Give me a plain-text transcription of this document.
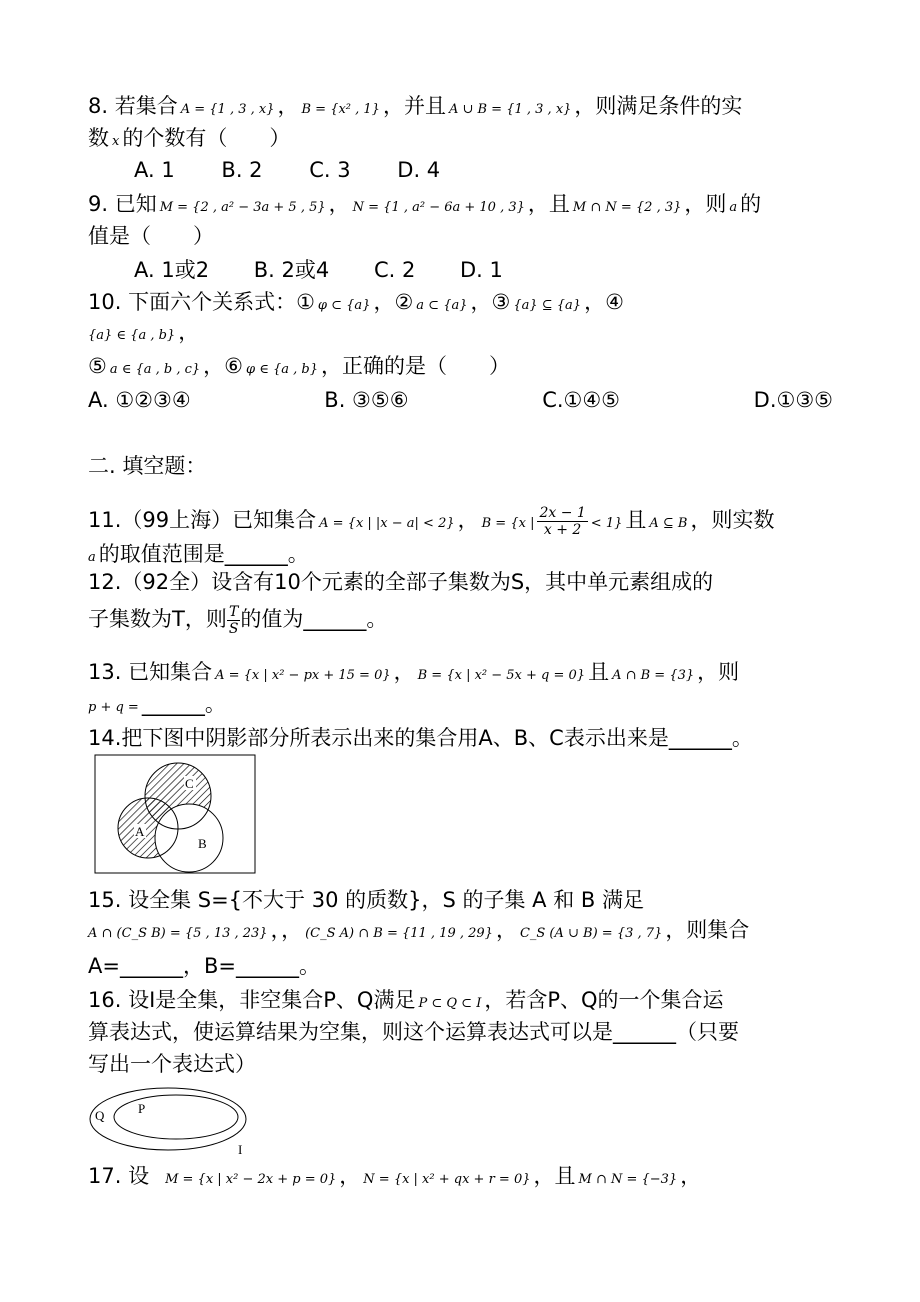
8. 若集合 A = {1 , 3 , x} ， B = {x² , 1} ，并且 A ∪ B = {1 , 3 , x} ，则满足条件的实
数x 的个数有（　　）
A. 1 B. 2 C. 3 D. 4
9. 已知 M = {2 , a² − 3a + 5 , 5} ， N = {1 , a² − 6a + 10 , 3} ，且 M ∩ N = {2 , 3} ，则 a 的
值是（　　）
A. 1或2 B. 2或4 C. 2 D. 1
10. 下面六个关系式：① φ ⊂ {a} ，② a ⊂ {a} ，③ {a} ⊆ {a} ，④
{a} ∈ {a , b} ，
⑤ a ∈ {a , b , c} ，⑥ φ ∈ {a , b} ，正确的是（　　）
A. ①②③④	B. ③⑤⑥	C.①④⑤	D.①③⑤
二. 填空题：
11.（99上海）已知集合 A = {x | |x − a| < 2} ， B = {x | $\frac{2x - 1}{x + 2} < 1$} 且 A ⊆ B ，则实数
a 的取值范围是______。
12.（92全）设含有10个元素的全部子集数为S，其中单元素组成的
子集数为T，则 $\frac{T}{S}$ 的值为______。
13. 已知集合 A = {x | x² − px + 15 = 0} ， B = {x | x² − 5x + q = 0} 且 A ∩ B = {3} ，则
p + q = ______。
14.把下图中阴影部分所表示出来的集合用A、B、C表示出来是______。
C
A
B
15. 设全集 S={不大于 30 的质数}，S 的子集 A 和 B 满足
A ∩ (C_S B) = {5 , 13 , 23} ，， (C_S A) ∩ B = {11 , 19 , 29} ， C_S (A ∪ B) = {3 , 7} ，则集合
A=______，B=______。
16. 设I是全集，非空集合P、Q满足 P ⊂ Q ⊂ I ，若含P、Q的一个集合运
算表达式，使运算结果为空集，则这个运算表达式可以是______（只要
写出一个表达式）
Q	P
I
17. 设 M = {x | x² − 2x + p = 0} ， N = {x | x² + qx + r = 0} ，且 M ∩ N = {−3} ，
